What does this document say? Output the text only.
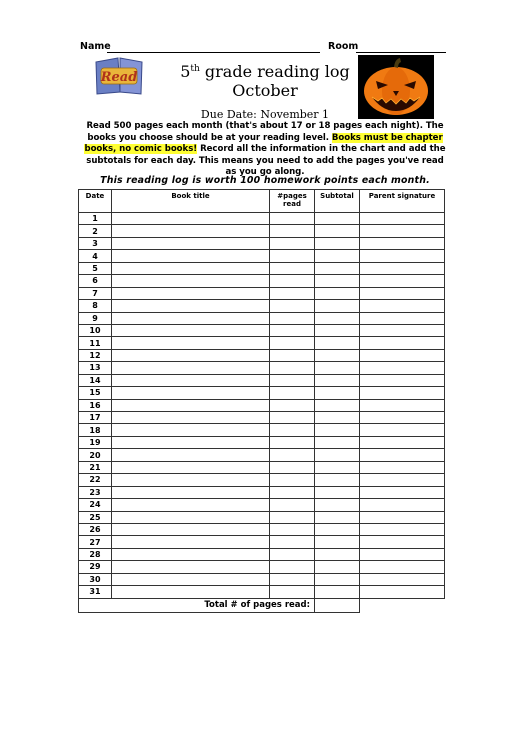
Name	Room
Read	5th grade reading log
October
Due Date: November 1
Read 500 pages each month (that's about 17 or 18 pages each night). The books you choose should be at your reading level. Books must be chapter books, no comic books! Record all the information in the chart and add the subtotals for each day. This means you need to add the pages you've read as you go along.
This reading log is worth 100 homework points each month.
Date	Book title	#pages read	Subtotal	Parent signature
1				
2				
3				
4				
5				
6				
7				
8				
9				
10				
11				
12				
13				
14				
15				
16				
17				
18				
19				
20				
21				
22				
23				
24				
25				
26				
27				
28				
29				
30				
31				
Total # of pages read:				
